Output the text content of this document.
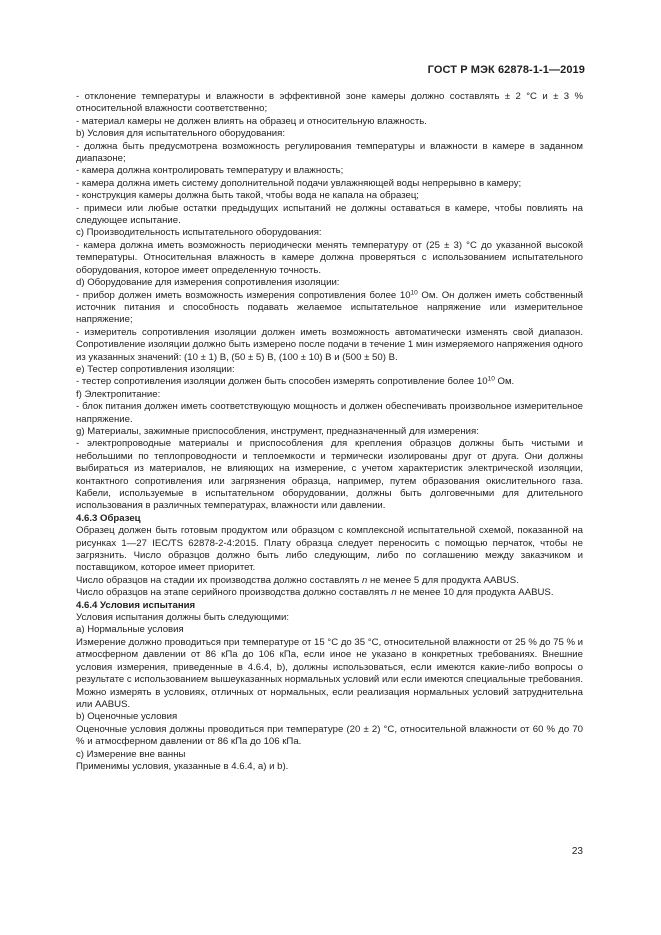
ГОСТ Р МЭК 62878-1-1—2019

- отклонение температуры и влажности в эффективной зоне камеры должно составлять ± 2 °С и ± 3 % относительной влажности соответственно;

- материал камеры не должен влиять на образец и относительную влажность.

b) Условия для испытательного оборудования:

- должна быть предусмотрена возможность регулирования температуры и влажности в камере в заданном диапазоне;

- камера должна контролировать температуру и влажность;

- камера должна иметь систему дополнительной подачи увлажняющей воды непрерывно в камеру;

- конструкция камеры должна быть такой, чтобы вода не капала на образец;

- примеси или любые остатки предыдущих испытаний не должны оставаться в камере, чтобы повлиять на следующее испытание.

c) Производительность испытательного оборудования:

- камера должна иметь возможность периодически менять температуру от (25 ± 3) °С до указанной высокой температуры. Относительная влажность в камере должна проверяться с использованием испытательного оборудования, которое имеет определенную точность.

d) Оборудование для измерения сопротивления изоляции:

- прибор должен иметь возможность измерения сопротивления более $10^{10}$ Ом. Он должен иметь собственный источник питания и способность подавать желаемое испытательное напряжение или измерительное напряжение;

- измеритель сопротивления изоляции должен иметь возможность автоматически изменять свой диапазон. Сопротивление изоляции должно быть измерено после подачи в течение 1 мин измеряемого напряжения одного из указанных значений: (10 ± 1) В, (50 ± 5) В, (100 ± 10) В и (500 ± 50) В.

e) Тестер сопротивления изоляции:

- тестер сопротивления изоляции должен быть способен измерять сопротивление более $10^{10}$ Ом.

f) Электропитание:

- блок питания должен иметь соответствующую мощность и должен обеспечивать произвольное измерительное напряжение.

g) Материалы, зажимные приспособления, инструмент, предназначенный для измерения:

- электропроводные материалы и приспособления для крепления образцов должны быть чистыми и небольшими по теплопроводности и теплоемкости и термически изолированы друг от друга. Они должны выбираться из материалов, не влияющих на измерение, с учетом характеристик электрической изоляции, контактного сопротивления или загрязнения образца, например, путем образования окислительного газа. Кабели, используемые в испытательном оборудовании, должны быть долговечными для длительного использования в различных температурах, влажности или давлении.

4.6.3 Образец

Образец должен быть готовым продуктом или образцом с комплексной испытательной схемой, показанной на рисунках 1—27 IEC/TS 62878-2-4:2015. Плату образца следует переносить с помощью перчаток, чтобы не загрязнить. Число образцов должно быть либо следующим, либо по соглашению между заказчиком и поставщиком, которое имеет приоритет.

Число образцов на стадии их производства должно составлять n не менее 5 для продукта AABUS.

Число образцов на этапе серийного производства должно составлять n не менее 10 для продукта AABUS.

4.6.4 Условия испытания

Условия испытания должны быть следующими:

a) Нормальные условия

Измерение должно проводиться при температуре от 15 °С до 35 °С, относительной влажности от 25 % до 75 % и атмосферном давлении от 86 кПа до 106 кПа, если иное не указано в конкретных требованиях. Внешние условия измерения, приведенные в 4.6.4, b), должны использоваться, если имеются какие-либо вопросы о результате с использованием вышеуказанных нормальных условий или если имеются специальные требования. Можно измерять в условиях, отличных от нормальных, если реализация нормальных условий затруднительна или AABUS.

b) Оценочные условия

Оценочные условия должны проводиться при температуре (20 ± 2) °С, относительной влажности от 60 % до 70 % и атмосферном давлении от 86 кПа до 106 кПа.

c) Измерение вне ванны

Применимы условия, указанные в 4.6.4, a) и b).

23
